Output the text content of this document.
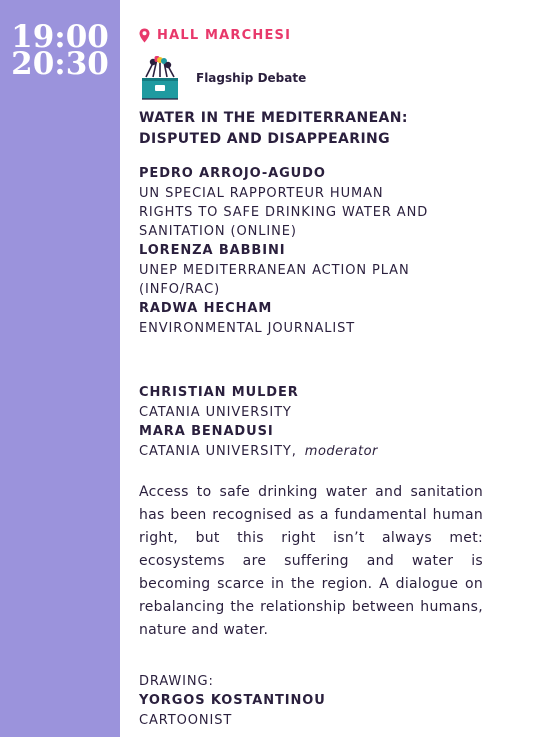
19:00
20:30
HALL MARCHESI
Flagship Debate
WATER IN THE MEDITERRANEAN:
DISPUTED AND DISAPPEARING
PEDRO ARROJO-AGUDO
UN SPECIAL RAPPORTEUR HUMAN
RIGHTS TO SAFE DRINKING WATER AND
SANITATION (ONLINE)
LORENZA BABBINI
UNEP MEDITERRANEAN ACTION PLAN
(INFO/RAC)
RADWA HECHAM
ENVIRONMENTAL JOURNALIST
CHRISTIAN MULDER
CATANIA UNIVERSITY
MARA BENADUSI
CATANIA UNIVERSITY, moderator
Access to safe drinking water and sanitation has been recognised as a fundamental human right, but this right isn’t always met: ecosystems are suffering and water is becoming scarce in the region. A dialogue on rebalancing the relationship between humans, nature and water.
DRAWING:
YORGOS KOSTANTINOU
CARTOONIST
